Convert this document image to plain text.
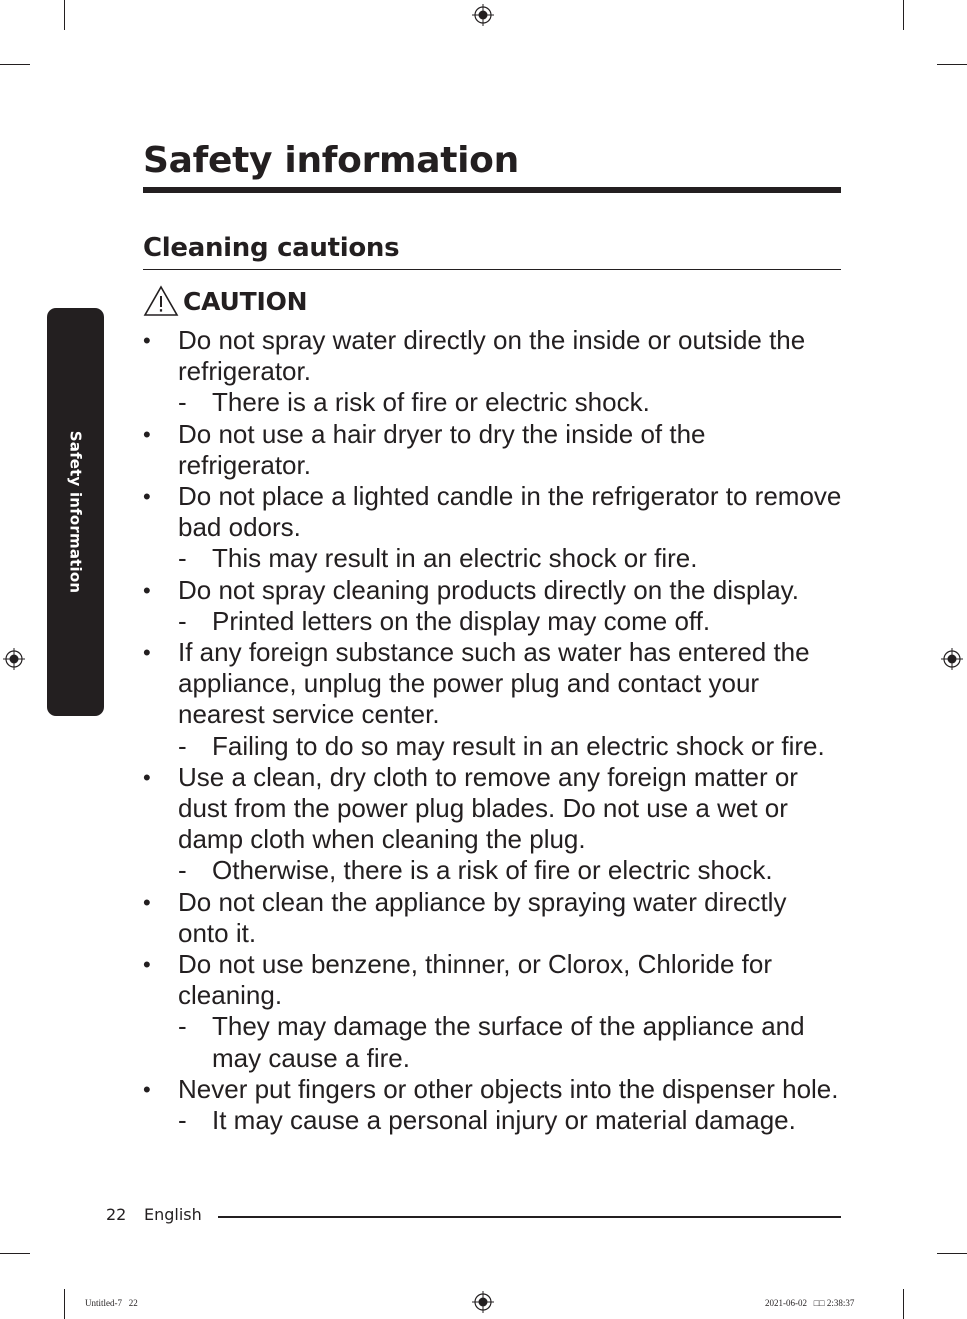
Safety information
Safety information
Cleaning cautions
CAUTION
•	Do not spray water directly on the inside or outside the refrigerator.
- There is a risk of fire or electric shock.
•	Do not use a hair dryer to dry the inside of the refrigerator.
•	Do not place a lighted candle in the refrigerator to remove bad odors.
- This may result in an electric shock or fire.
•	Do not spray cleaning products directly on the display.
- Printed letters on the display may come off.
•	If any foreign substance such as water has entered the appliance, unplug the power plug and contact your nearest service center.
- Failing to do so may result in an electric shock or fire.
•	Use a clean, dry cloth to remove any foreign matter or dust from the power plug blades. Do not use a wet or damp cloth when cleaning the plug.
- Otherwise, there is a risk of fire or electric shock.
•	Do not clean the appliance by spraying water directly onto it.
•	Do not use benzene, thinner, or Clorox, Chloride for cleaning.
- They may damage the surface of the appliance and may cause a fire.
•	Never put fingers or other objects into the dispenser hole.
- It may cause a personal injury or material damage.
22 English
Untitled-7   22	2021-06-02   □□ 2:38:37
